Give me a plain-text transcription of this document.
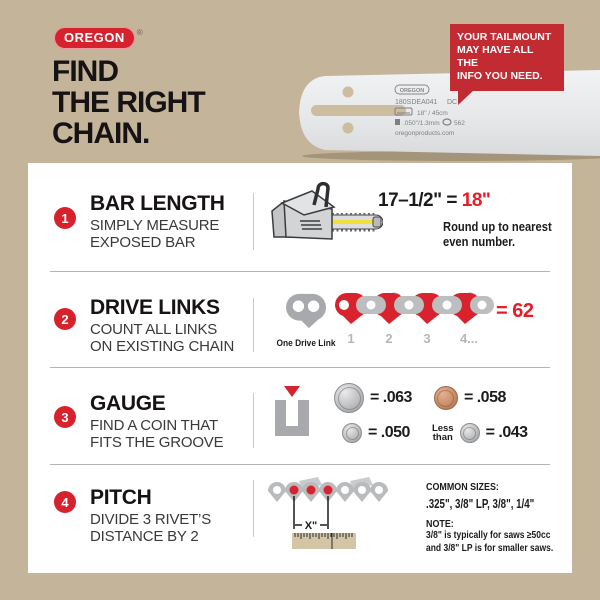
OREGON	®
FIND
THE RIGHT
CHAIN.
OREGON
180SDEA041 DC
18" / 45cm
.050"/1.3mm 562
oregonproducts.com
YOUR TAILMOUNT
MAY HAVE ALL THE
INFO YOU NEED.
1
BAR LENGTH
SIMPLY MEASURE
EXPOSED BAR
17–1/2" = 18"
Round up to nearest
even number.
2	DRIVE LINKS
COUNT ALL LINKS
ON EXISTING CHAIN	One Drive Link 1 2 3 4...
= 62
3
GAUGE
FIND A COIN THAT
FITS THE GROOVE
= .063	= .058
= .050 Less
than = .043
4	PITCH
DIVIDE 3 RIVET’S
DISTANCE BY 2
X"
COMMON SIZES:
.325", 3/8" LP, 3/8", 1/4"
NOTE:
3/8" is typically for saws ≥50cc
and 3/8" LP is for smaller saws.
